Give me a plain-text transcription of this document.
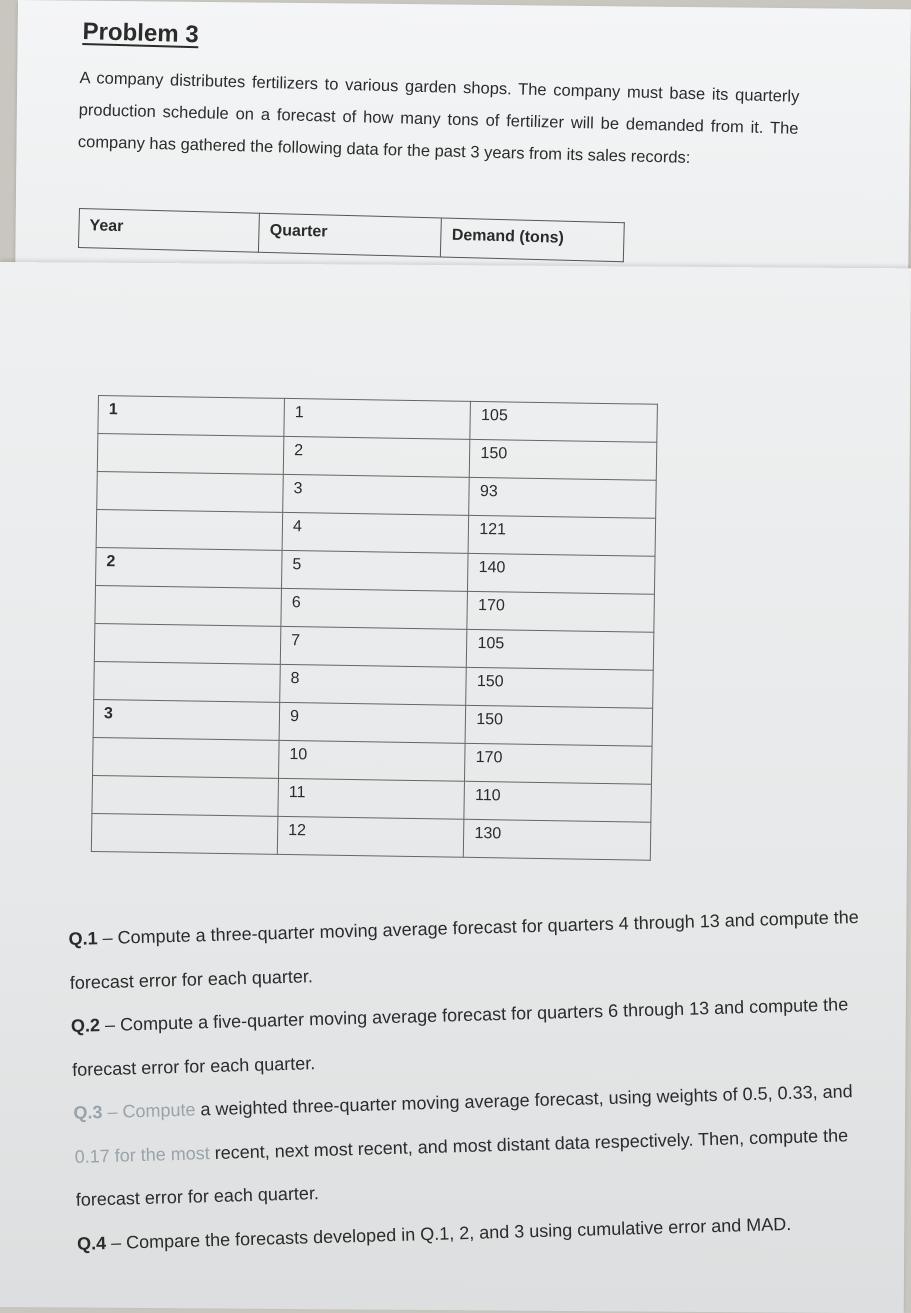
Problem 3

A company distributes fertilizers to various garden shops. The company must base its quarterly production schedule on a forecast of how many tons of fertilizer will be demanded from it. The company has gathered the following data for the past 3 years from its sales records:

Year	Quarter	Demand (tons)
1	1	105
	2	150
	3	93
	4	121
2	5	140
	6	170
	7	105
	8	150
3	9	150
	10	170
	11	110
	12	130

Q.1 – Compute a three-quarter moving average forecast for quarters 4 through 13 and compute the forecast error for each quarter.

Q.2 – Compute a five-quarter moving average forecast for quarters 6 through 13 and compute the forecast error for each quarter.

Q.3 – Compute a weighted three-quarter moving average forecast, using weights of 0.5, 0.33, and 0.17 for the most recent, next most recent, and most distant data respectively. Then, compute the forecast error for each quarter.

Q.4 – Compare the forecasts developed in Q.1, 2, and 3 using cumulative error and MAD.
